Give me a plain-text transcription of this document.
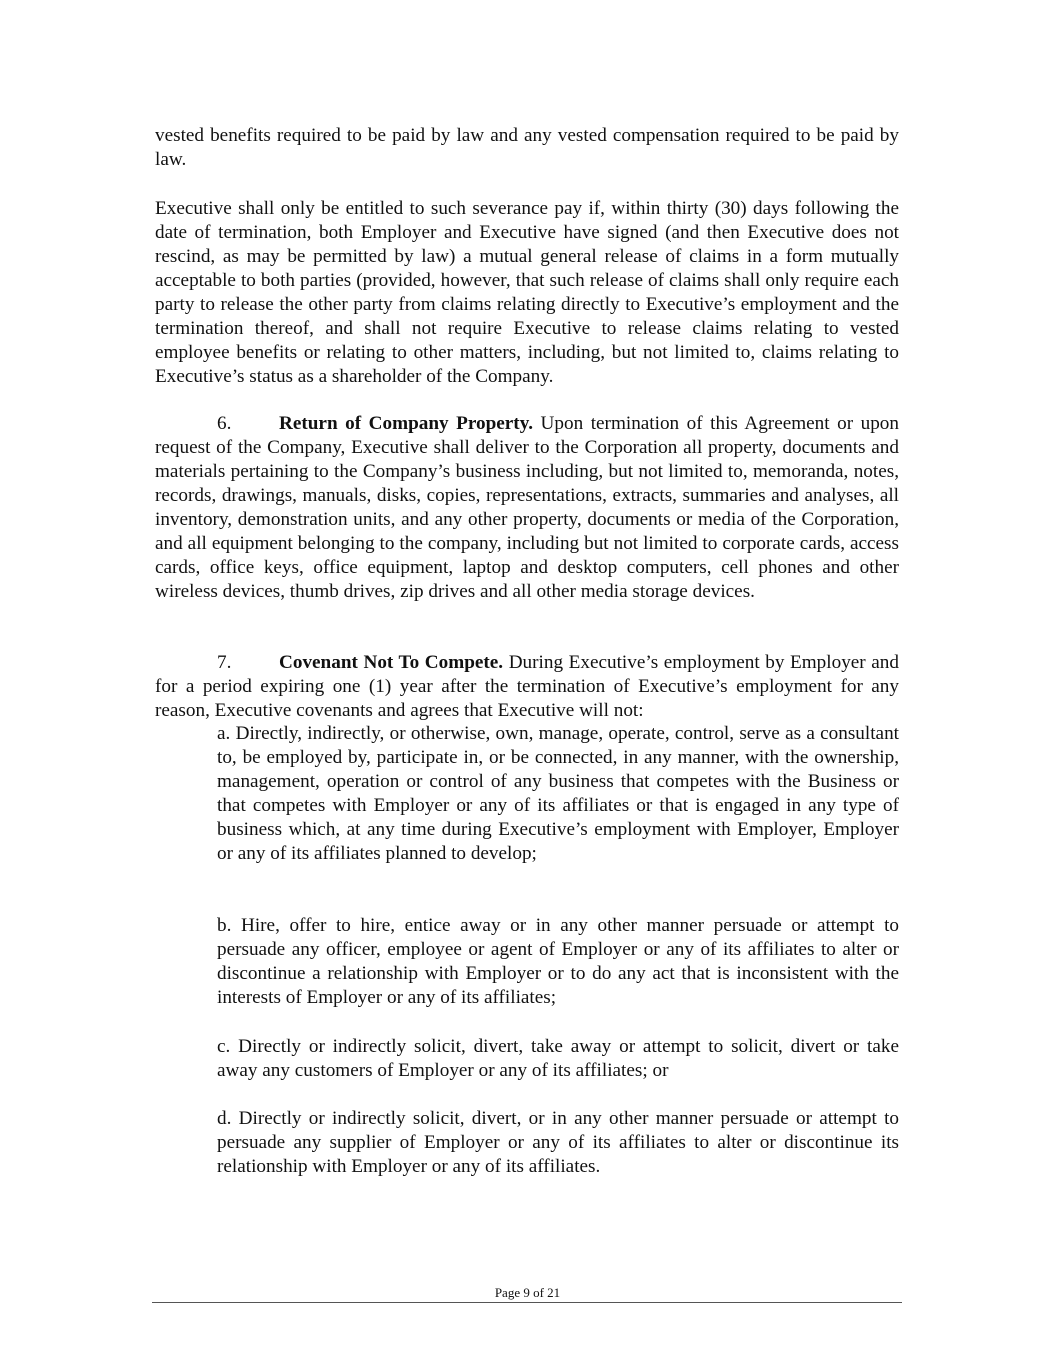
vested benefits required to be paid by law and any vested compensation required to be paid by law.

Executive shall only be entitled to such severance pay if, within thirty (30) days following the date of termination, both Employer and Executive have signed (and then Executive does not rescind, as may be permitted by law) a mutual general release of claims in a form mutually acceptable to both parties (provided, however, that such release of claims shall only require each party to release the other party from claims relating directly to Executive’s employment and the termination thereof, and shall not require Executive to release claims relating to vested employee benefits or relating to other matters, including, but not limited to, claims relating to Executive’s status as a shareholder of the Company.

6. Return of Company Property. Upon termination of this Agreement or upon request of the Company, Executive shall deliver to the Corporation all property, documents and materials pertaining to the Company’s business including, but not limited to, memoranda, notes, records, drawings, manuals, disks, copies, representations, extracts, summaries and analyses, all inventory, demonstration units, and any other property, documents or media of the Corporation, and all equipment belonging to the company, including but not limited to corporate cards, access cards, office keys, office equipment, laptop and desktop computers, cell phones and other wireless devices, thumb drives, zip drives and all other media storage devices.

7. Covenant Not To Compete. During Executive’s employment by Employer and for a period expiring one (1) year after the termination of Executive’s employment for any reason, Executive covenants and agrees that Executive will not:

a. Directly, indirectly, or otherwise, own, manage, operate, control, serve as a consultant to, be employed by, participate in, or be connected, in any manner, with the ownership, management, operation or control of any business that competes with the Business or that competes with Employer or any of its affiliates or that is engaged in any type of business which, at any time during Executive’s employment with Employer, Employer or any of its affiliates planned to develop;

b. Hire, offer to hire, entice away or in any other manner persuade or attempt to persuade any officer, employee or agent of Employer or any of its affiliates to alter or discontinue a relationship with Employer or to do any act that is inconsistent with the interests of Employer or any of its affiliates;

c. Directly or indirectly solicit, divert, take away or attempt to solicit, divert or take away any customers of Employer or any of its affiliates; or

d. Directly or indirectly solicit, divert, or in any other manner persuade or attempt to persuade any supplier of Employer or any of its affiliates to alter or discontinue its relationship with Employer or any of its affiliates.

Page 9 of 21
